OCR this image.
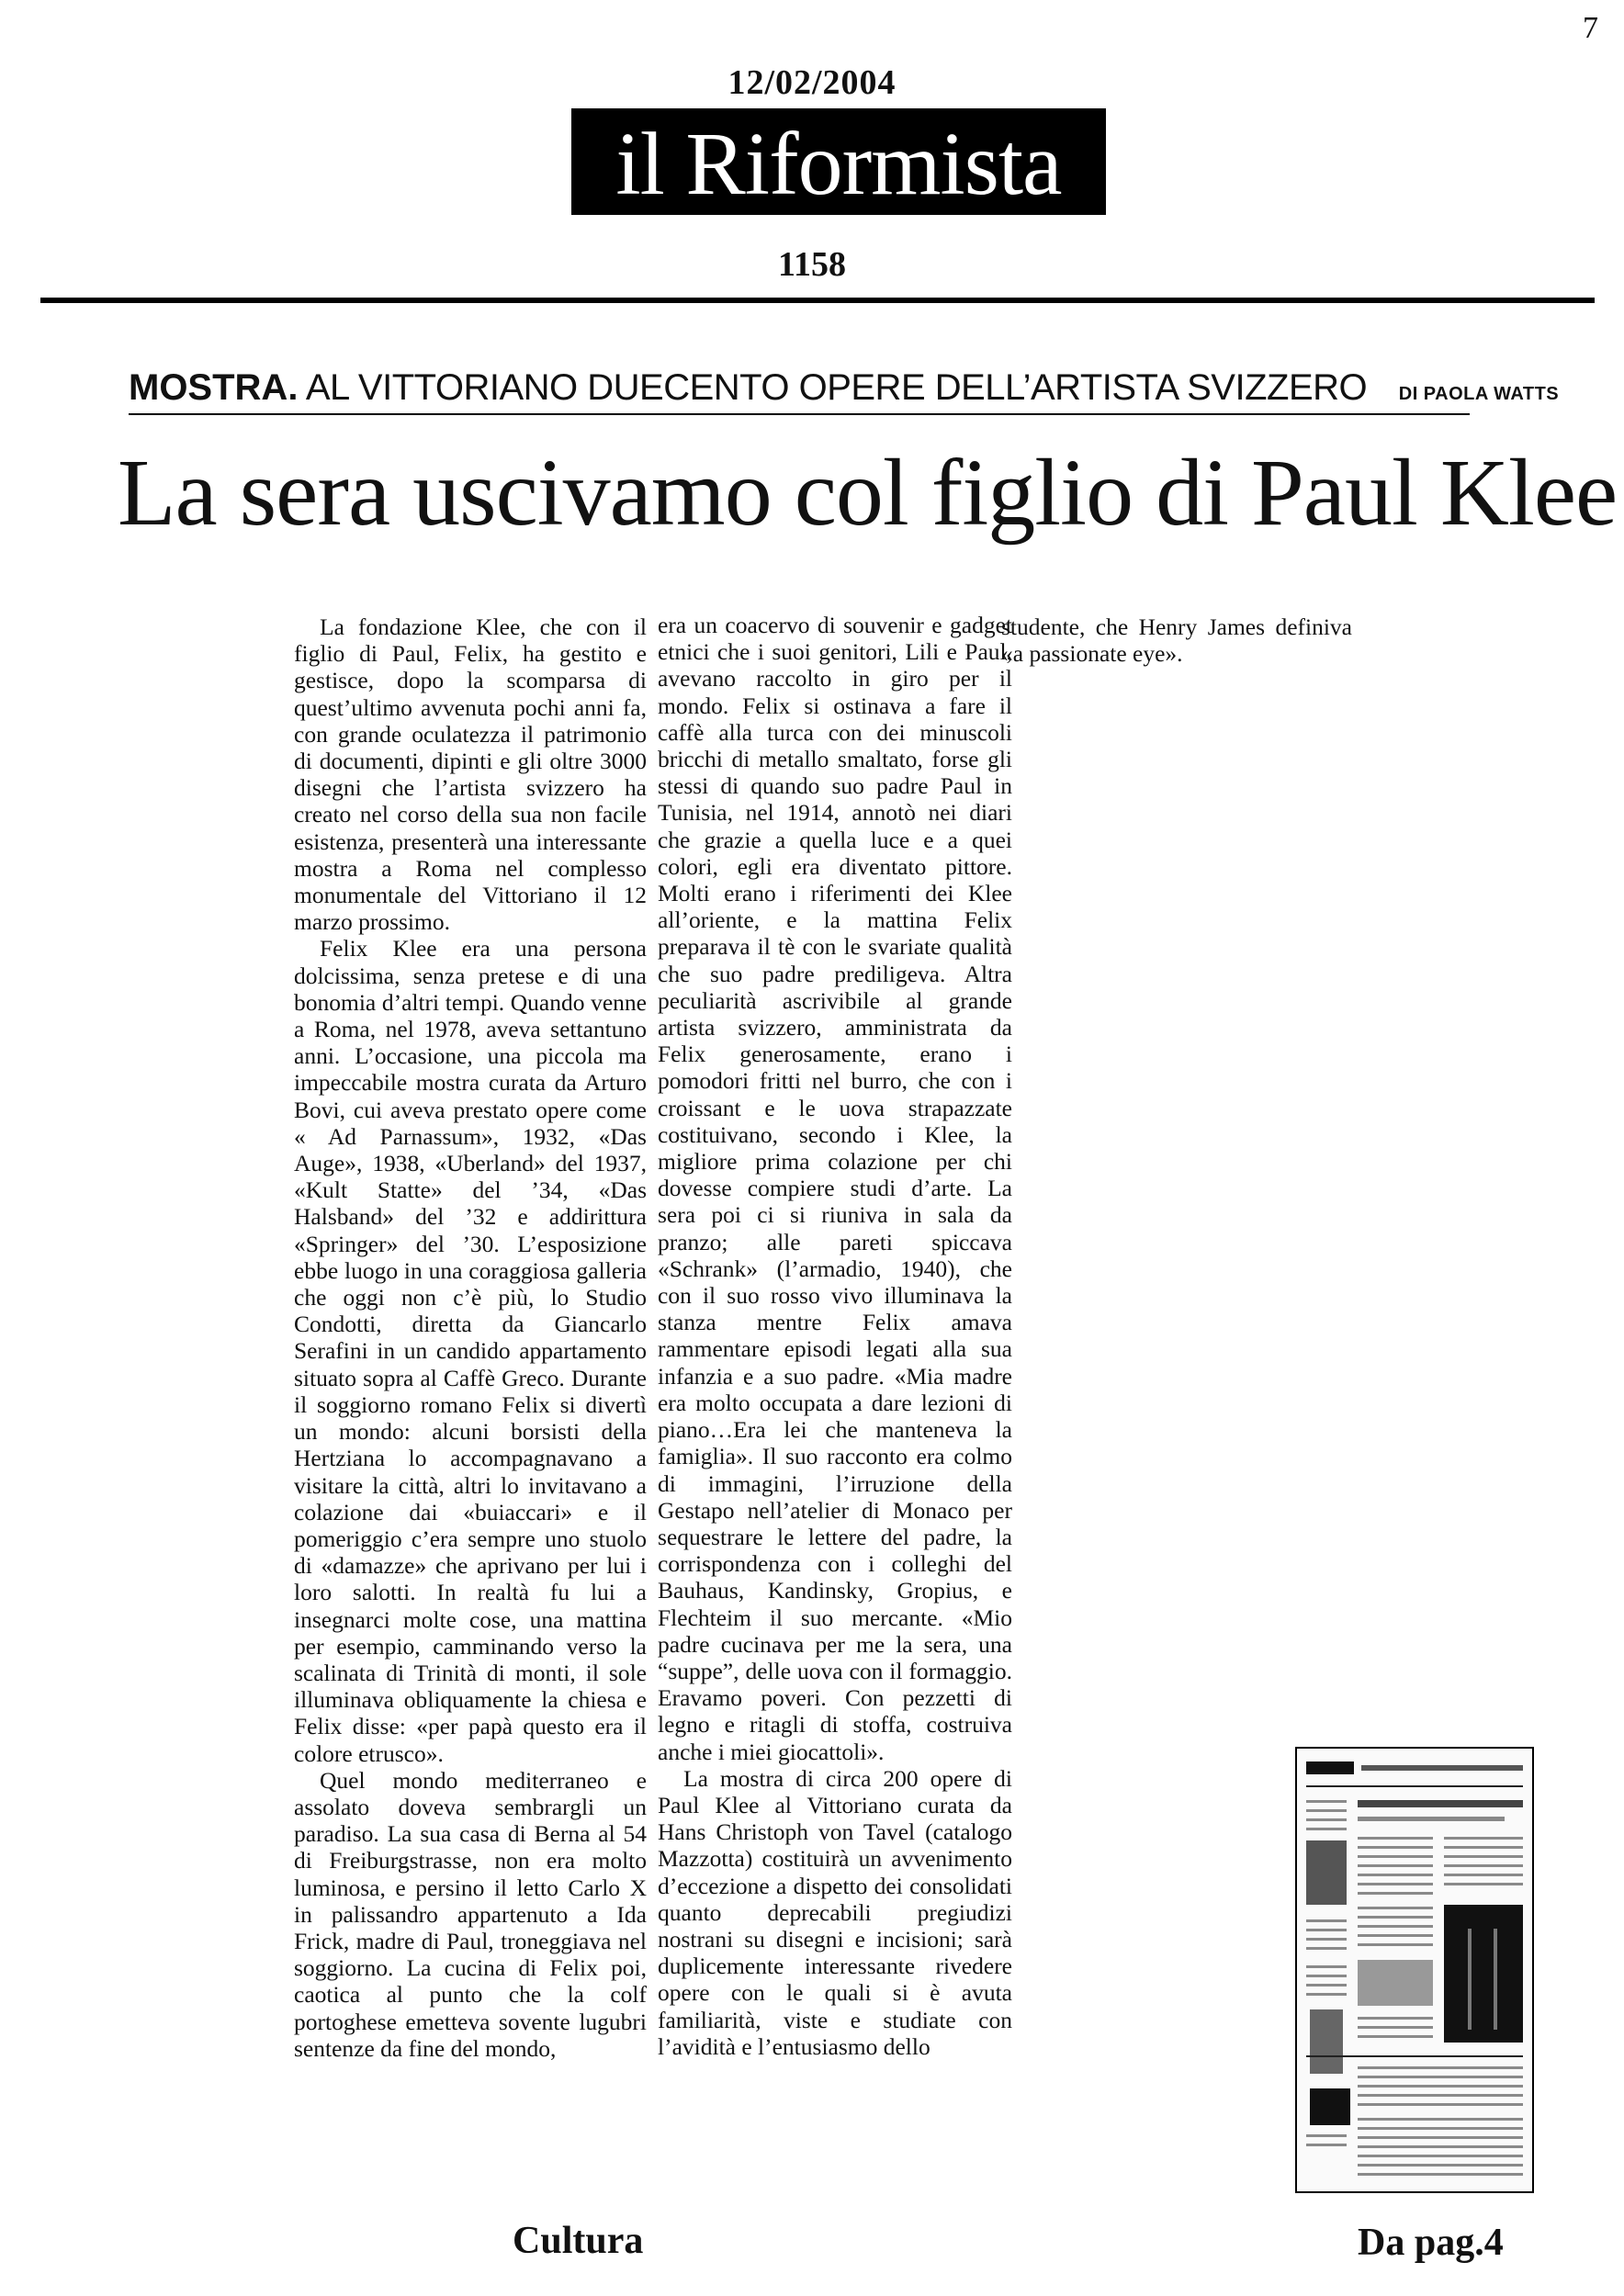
7
12/02/2004
il Riformista
1158
MOSTRA. AL VITTORIANO DUECENTO OPERE DELL’ARTISTA SVIZZERO DI PAOLA WATTS
La sera uscivamo col figlio di Paul Klee

La fondazione Klee, che con il figlio di Paul, Felix, ha gestito e gestisce, dopo la scomparsa di quest’ultimo avvenuta pochi anni fa, con grande oculatezza il patrimonio di documenti, dipinti e gli oltre 3000 disegni che l’artista svizzero ha creato nel corso della sua non facile esistenza, presenterà una interessante mostra a Roma nel complesso monumentale del Vittoriano il 12 marzo prossimo.

Felix Klee era una persona dolcissima, senza pretese e di una bonomia d’altri tempi. Quando venne a Roma, nel 1978, aveva settantuno anni. L’occasione, una piccola ma impeccabile mostra curata da Arturo Bovi, cui aveva prestato opere come « Ad Parnassum», 1932, «Das Auge», 1938, «Uberland» del 1937, «Kult Statte» del ’34, «Das Halsband» del ’32 e addirittura «Springer» del ’30. L’esposizione ebbe luogo in una coraggiosa galleria che oggi non c’è più, lo Studio Condotti, diretta da Giancarlo Serafini in un candido appartamento situato sopra al Caffè Greco. Durante il soggiorno romano Felix si divertì un mondo: alcuni borsisti della Hertziana lo accompagnavano a visitare la città, altri lo invitavano a colazione dai «buiaccari» e il pomeriggio c’era sempre uno stuolo di «damazze» che aprivano per lui i loro salotti. In realtà fu lui a insegnarci molte cose, una mattina per esempio, camminando verso la scalinata di Trinità di monti, il sole illuminava obliquamente la chiesa e Felix disse: «per papà questo era il colore etrusco».

Quel mondo mediterraneo e assolato doveva sembrargli un paradiso. La sua casa di Berna al 54 di Freiburgstrasse, non era molto luminosa, e persino il letto Carlo X in palissandro appartenuto a Ida Frick, madre di Paul, troneggiava nel soggiorno. La cucina di Felix poi, caotica al punto che la colf portoghese emetteva sovente lugubri sentenze da fine del mondo,

era un coacervo di souvenir e gadget etnici che i suoi genitori, Lili e Paul, avevano raccolto in giro per il mondo. Felix si ostinava a fare il caffè alla turca con dei minuscoli bricchi di metallo smaltato, forse gli stessi di quando suo padre Paul in Tunisia, nel 1914, annotò nei diari che grazie a quella luce e a quei colori, egli era diventato pittore. Molti erano i riferimenti dei Klee all’oriente, e la mattina Felix preparava il tè con le svariate qualità che suo padre prediligeva. Altra peculiarità ascrivibile al grande artista svizzero, amministrata da Felix generosamente, erano i pomodori fritti nel burro, che con i croissant e le uova strapazzate costituivano, secondo i Klee, la migliore prima colazione per chi dovesse compiere studi d’arte. La sera poi ci si riuniva in sala da pranzo; alle pareti spiccava «Schrank» (l’armadio, 1940), che con il suo rosso vivo illuminava la stanza mentre Felix amava rammentare episodi legati alla sua infanzia e a suo padre. «Mia madre era molto occupata a dare lezioni di piano…Era lei che manteneva la famiglia». Il suo racconto era colmo di immagini, l’irruzione della Gestapo nell’atelier di Monaco per sequestrare le lettere del padre, la corrispondenza con i colleghi del Bauhaus, Kandinsky, Gropius, e Flechteim il suo mercante. «Mio padre cucinava per me la sera, una “suppe”, delle uova con il formaggio. Eravamo poveri. Con pezzetti di legno e ritagli di stoffa, costruiva anche i miei giocattoli».

La mostra di circa 200 opere di Paul Klee al Vittoriano curata da Hans Christoph von Tavel (catalogo Mazzotta) costituirà un avvenimento d’eccezione a dispetto dei consolidati quanto deprecabili pregiudizi nostrani su disegni e incisioni; sarà duplicemente interessante rivedere opere con le quali si è avuta familiarità, viste e studiate con l’avidità e l’entusiasmo dello

studente, che Henry James definiva «a passionate eye».

Cultura	Da pag.4
